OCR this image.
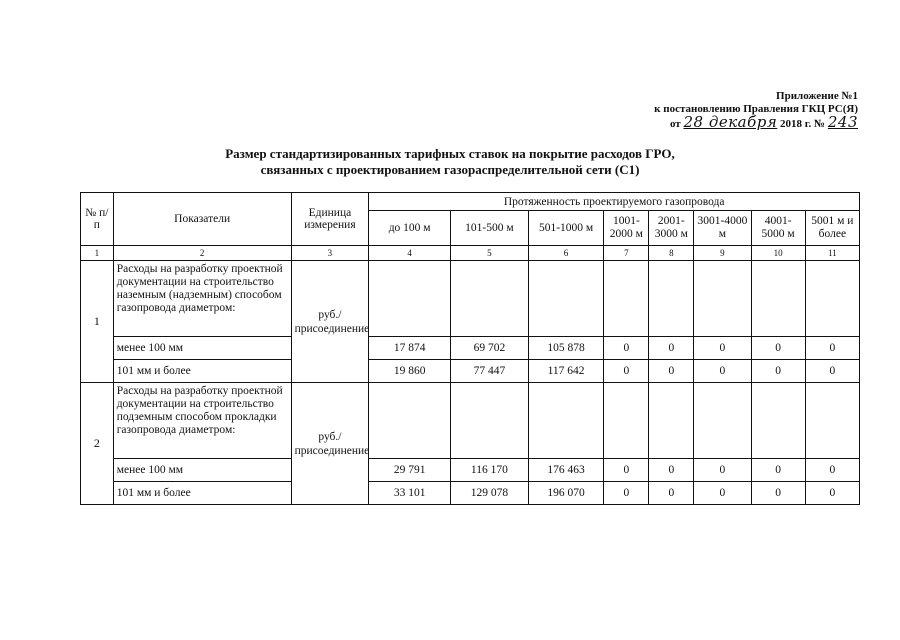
Приложение №1
к постановлению Правления ГКЦ РС(Я)
от 28 декабря 2018 г. № 243
Размер стандартизированных тарифных ставок на покрытие расходов ГРО,
связанных с проектированием газораспределительной сети (С1)
№ п/п	Показатели	Единица измерения	Протяженность проектируемого газопровода							
			до 100 м	101-500 м	501-1000 м	1001-2000 м	2001-3000 м	3001-4000 м	4001-5000 м	5001 м и более
1	2	3	4	5	6	7	8	9	10	11
1	Расходы на разработку проектной документации на строительство наземным (надземным) способом газопровода диаметром:	руб./присоединение								
	менее 100 мм		17 874	69 702	105 878	0	0	0	0	0
	101 мм и более		19 860	77 447	117 642	0	0	0	0	0
2	Расходы на разработку проектной документации на строительство подземным способом прокладки газопровода диаметром:	руб./присоединение								
	менее 100 мм		29 791	116 170	176 463	0	0	0	0	0
	101 мм и более		33 101	129 078	196 070	0	0	0	0	0
